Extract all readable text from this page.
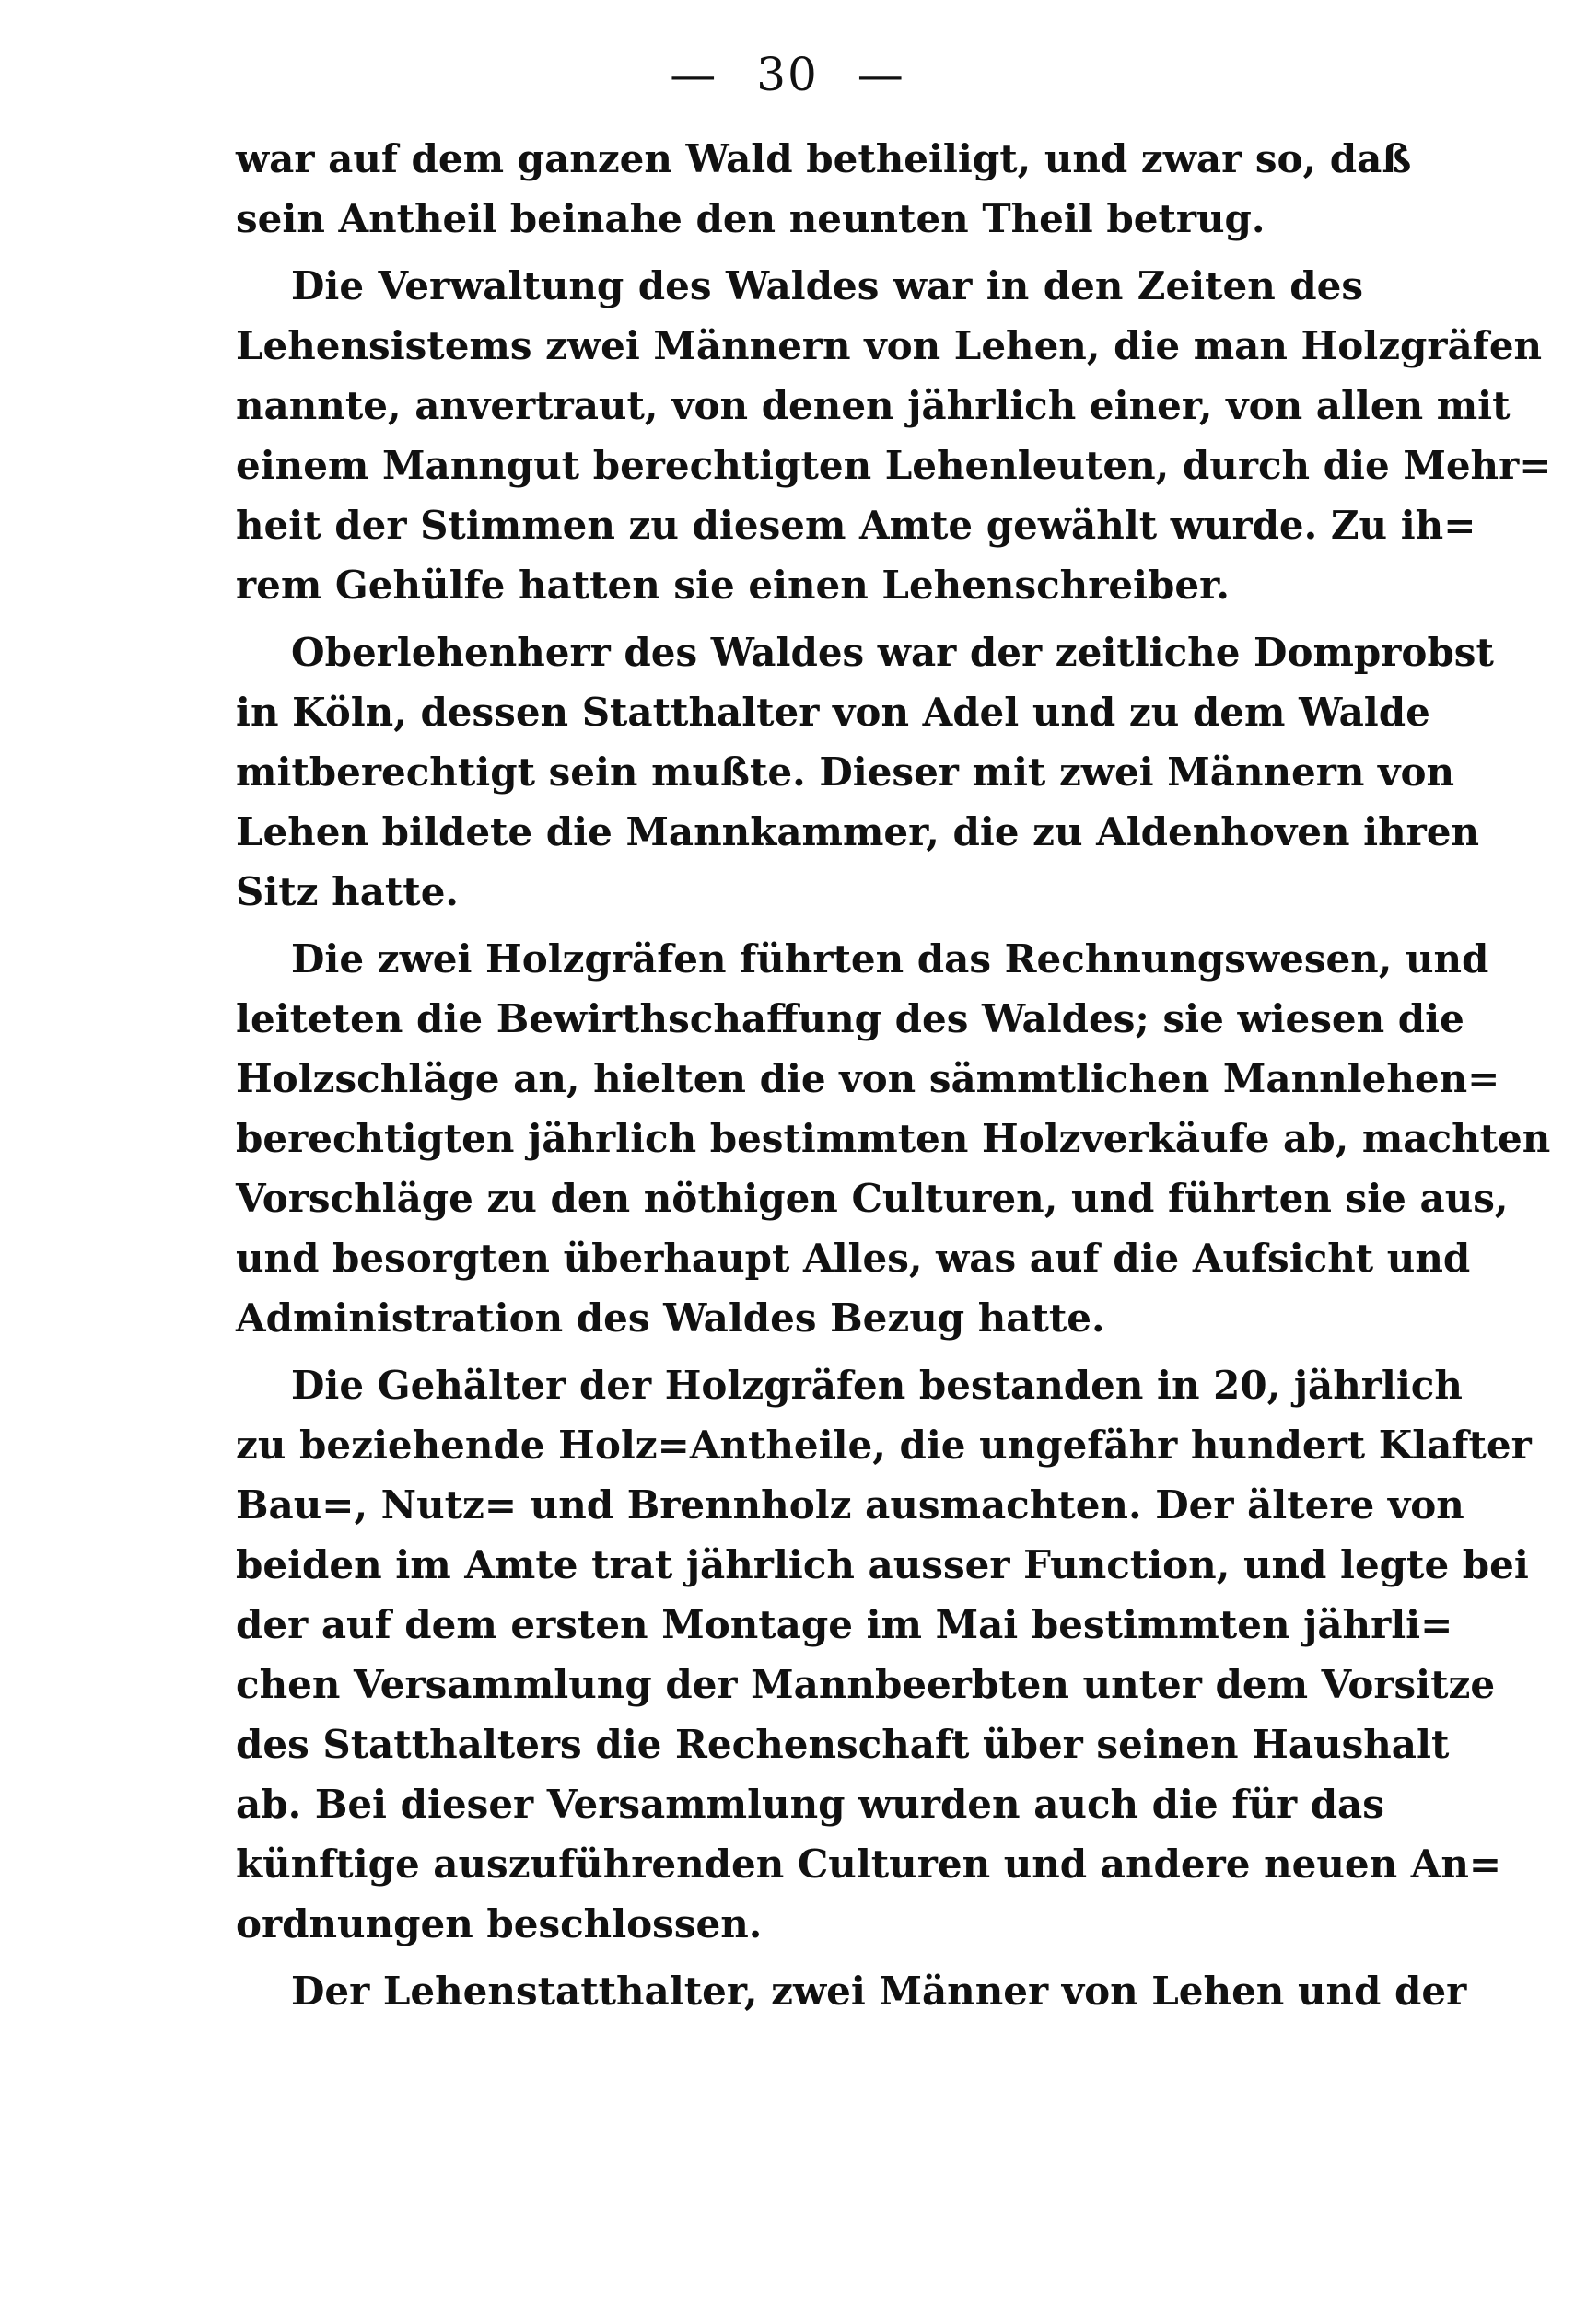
— 30 —
war auf dem ganzen Wald betheiligt, und zwar so, daß
sein Antheil beinahe den neunten Theil betrug.
Die Verwaltung des Waldes war in den Zeiten des
Lehensistems zwei Männern von Lehen, die man Holzgräfen
nannte, anvertraut, von denen jährlich einer, von allen mit
einem Manngut berechtigten Lehenleuten, durch die Mehr=
heit der Stimmen zu diesem Amte gewählt wurde. Zu ih=
rem Gehülfe hatten sie einen Lehenschreiber.
Oberlehenherr des Waldes war der zeitliche Domprobst
in Köln, dessen Statthalter von Adel und zu dem Walde
mitberechtigt sein mußte. Dieser mit zwei Männern von
Lehen bildete die Mannkammer, die zu Aldenhoven ihren
Sitz hatte.
Die zwei Holzgräfen führten das Rechnungswesen, und
leiteten die Bewirthschaffung des Waldes; sie wiesen die
Holzschläge an, hielten die von sämmtlichen Mannlehen=
berechtigten jährlich bestimmten Holzverkäufe ab, machten
Vorschläge zu den nöthigen Culturen, und führten sie aus,
und besorgten überhaupt Alles, was auf die Aufsicht und
Administration des Waldes Bezug hatte.
Die Gehälter der Holzgräfen bestanden in 20, jährlich
zu beziehende Holz=Antheile, die ungefähr hundert Klafter
Bau=, Nutz= und Brennholz ausmachten. Der ältere von
beiden im Amte trat jährlich ausser Function, und legte bei
der auf dem ersten Montage im Mai bestimmten jährli=
chen Versammlung der Mannbeerbten unter dem Vorsitze
des Statthalters die Rechenschaft über seinen Haushalt
ab. Bei dieser Versammlung wurden auch die für das
künftige auszuführenden Culturen und andere neuen An=
ordnungen beschlossen.
Der Lehenstatthalter, zwei Männer von Lehen und der
